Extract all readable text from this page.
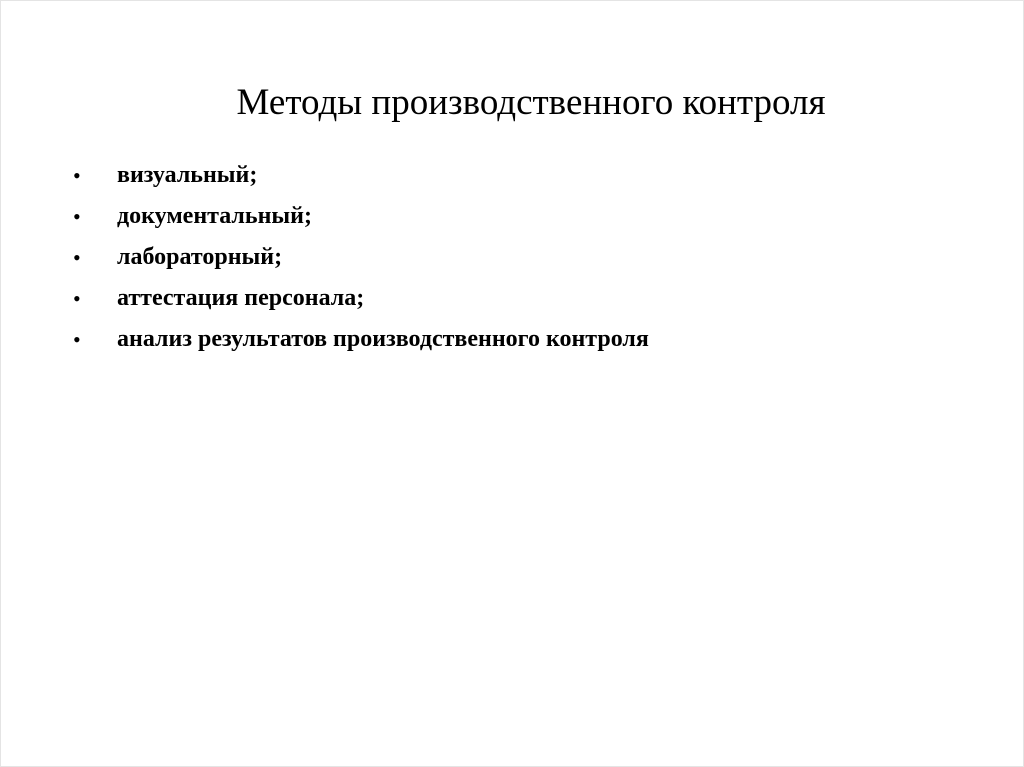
Методы производственного контроля
• визуальный;
• документальный;
• лабораторный;
• аттестация персонала;
• анализ результатов производственного контроля
